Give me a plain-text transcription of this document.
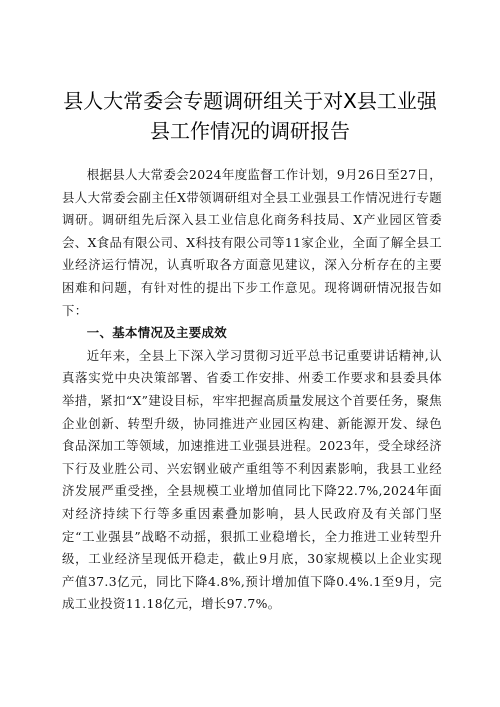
县人大常委会专题调研组关于对X县工业强
县工作情况的调研报告

根据县人大常委会2024年度监督工作计划，9月26日至27日，县人大常委会副主任X带领调研组对全县工业强县工作情况进行专题调研。调研组先后深入县工业信息化商务科技局、X产业园区管委会、X食品有限公司、X科技有限公司等11家企业，全面了解全县工业经济运行情况，认真听取各方面意见建议，深入分析存在的主要困难和问题，有针对性的提出下步工作意见。现将调研情况报告如下：

一、基本情况及主要成效

近年来，全县上下深入学习贯彻习近平总书记重要讲话精神,认真落实党中央决策部署、省委工作安排、州委工作要求和县委具体举措，紧扣“X”建设目标，牢牢把握高质量发展这个首要任务，聚焦企业创新、转型升级，协同推进产业园区构建、新能源开发、绿色食品深加工等领域，加速推进工业强县进程。2023年，受全球经济下行及业胜公司、兴宏钢业破产重组等不利因素影响，我县工业经济发展严重受挫，全县规模工业增加值同比下降22.7%,2024年面对经济持续下行等多重因素叠加影响，县人民政府及有关部门坚定“工业强县”战略不动摇，狠抓工业稳增长，全力推进工业转型升级，工业经济呈现低开稳走，截止9月底，30家规模以上企业实现产值37.3亿元，同比下降4.8%,预计增加值下降0.4%.1至9月，完成工业投资11.18亿元，增长97.7%。
